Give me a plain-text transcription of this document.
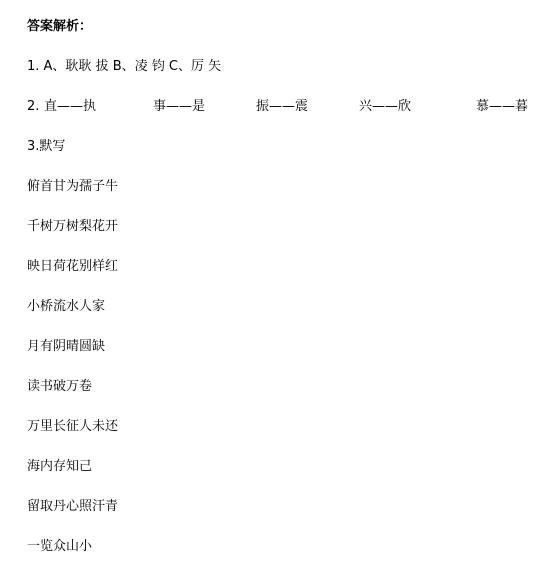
答案解析：
1. A、耿耿 拔 B、凌 钧 C、厉 矢
2. 直——执	事——是	振——震	兴——欣	慕——暮
3.默写
俯首甘为孺子牛
千树万树梨花开
映日荷花别样红
小桥流水人家
月有阴晴圆缺
读书破万卷
万里长征人未还
海内存知己
留取丹心照汗青
一览众山小
